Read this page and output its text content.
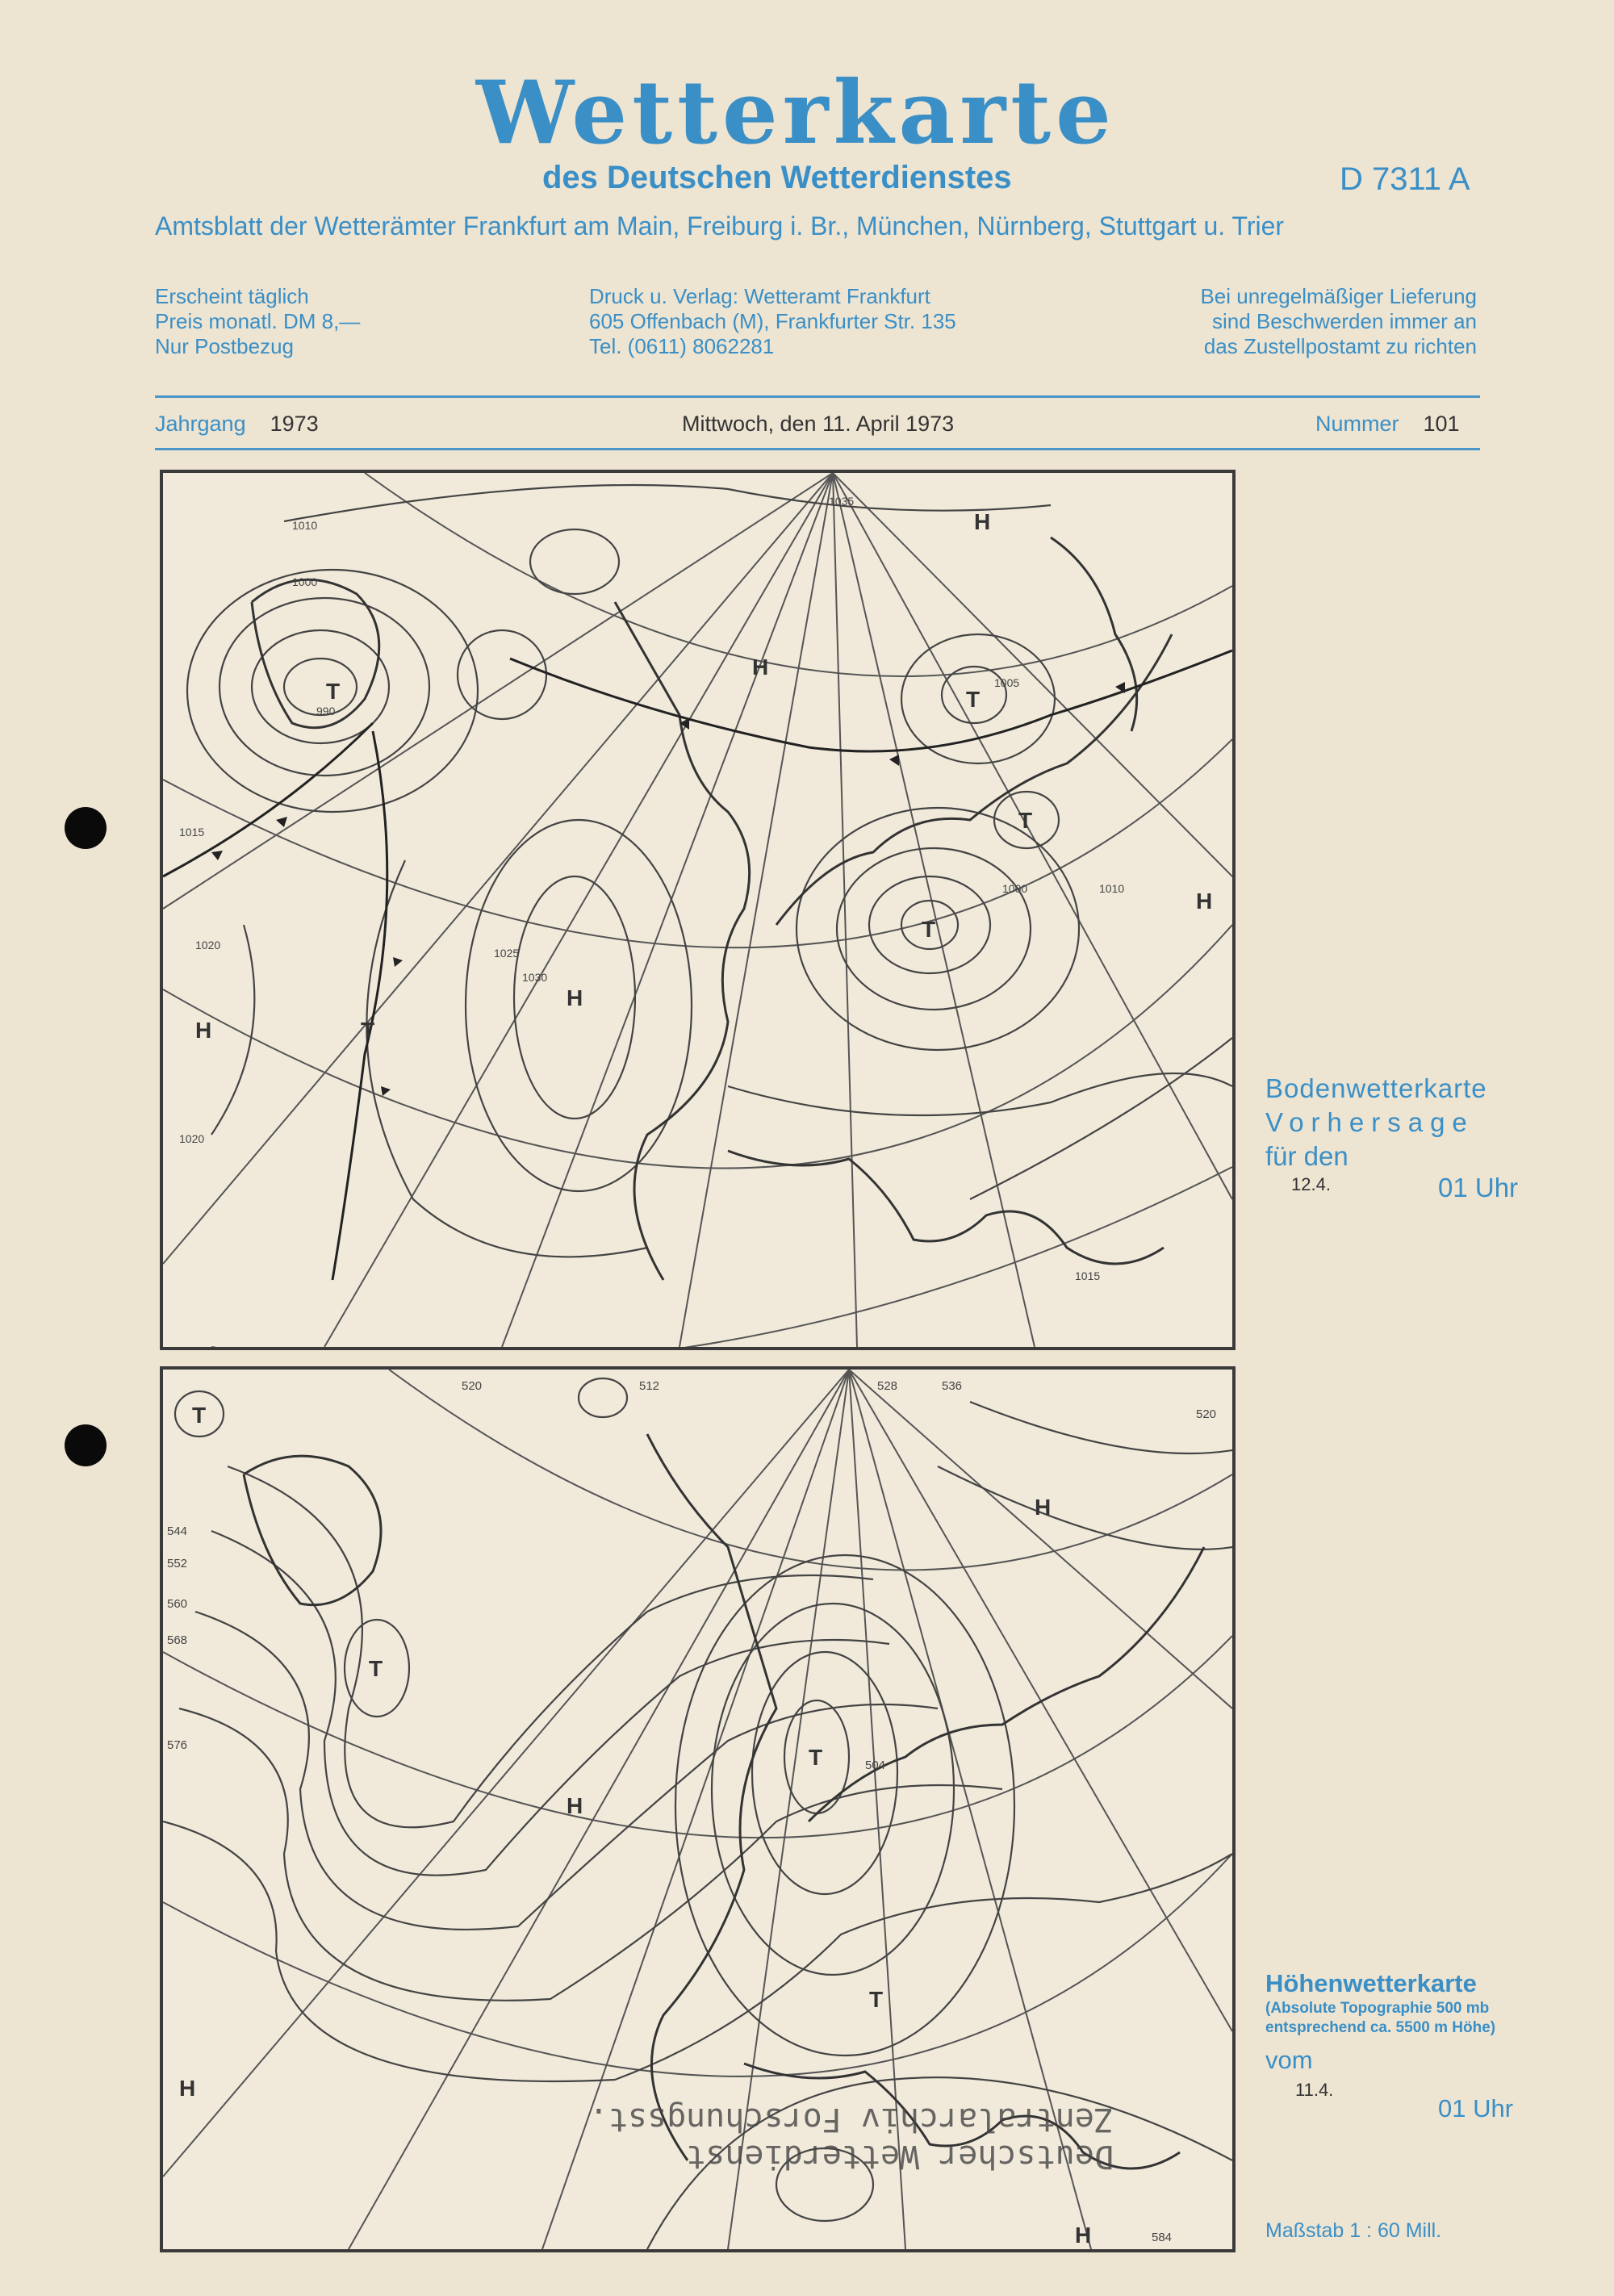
Wetterkarte
des Deutschen Wetterdienstes	D 7311 A
Amtsblatt der Wetterämter Frankfurt am Main, Freiburg i. Br., München, Nürnberg, Stuttgart u. Trier
Erscheint täglich
Preis monatl. DM 8,—
Nur Postbezug
Druck u. Verlag: Wetteramt Frankfurt
605 Offenbach (M), Frankfurter Str. 135
Tel. (0611) 8062281
Bei unregelmäßiger Lieferung
sind Beschwerden immer an
das Zustellpostamt zu richten
Jahrgang 1973	Mittwoch, den 11. April 1973	Nummer 101
H
H
H
H
H
T
T
T
T
T
1010
1000
990
1020
1030
1015
1025
1035
1005
1020
1000	1010
1015
Bodenwetterkarte
Vorhersage
für den
12.4.	01 Uhr
H
H
H
H
T
T
T
T
520	512	528	536
544
552
560
568
576
504
584
520
Deutscher Wetterdienst
Zentralarchiv Forschungsst.
Höhenwetterkarte
(Absolute Topographie 500 mb
entsprechend ca. 5500 m Höhe)
vom
11.4.
01 Uhr
Maßstab 1 : 60 Mill.
